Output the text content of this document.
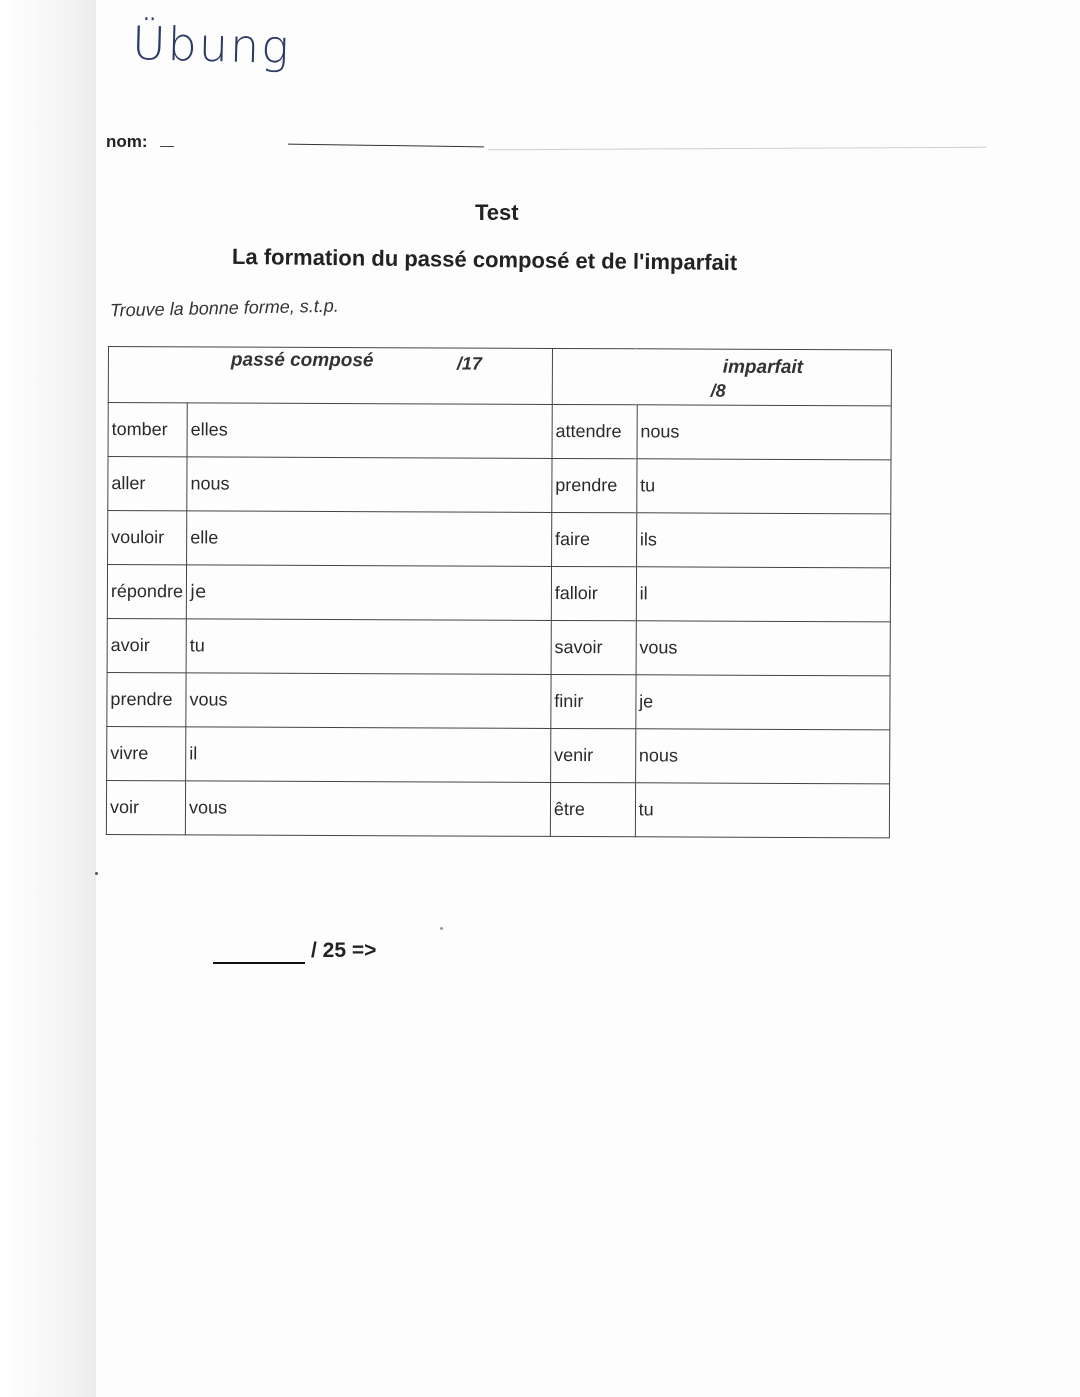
Übung
nom:
Test
La formation du passé composé et de l'imparfait
Trouve la bonne forme, s.t.p.
passé composé /17		imparfait
/8	

tomber	elles	attendre	nous
aller	nous	prendre	tu
vouloir	elle	faire	ils
répondre	je	falloir	il
avoir	tu	savoir	vous
prendre	vous	finir	je
vivre	il	venir	nous
voir	vous	être	tu
/ 25 =>
